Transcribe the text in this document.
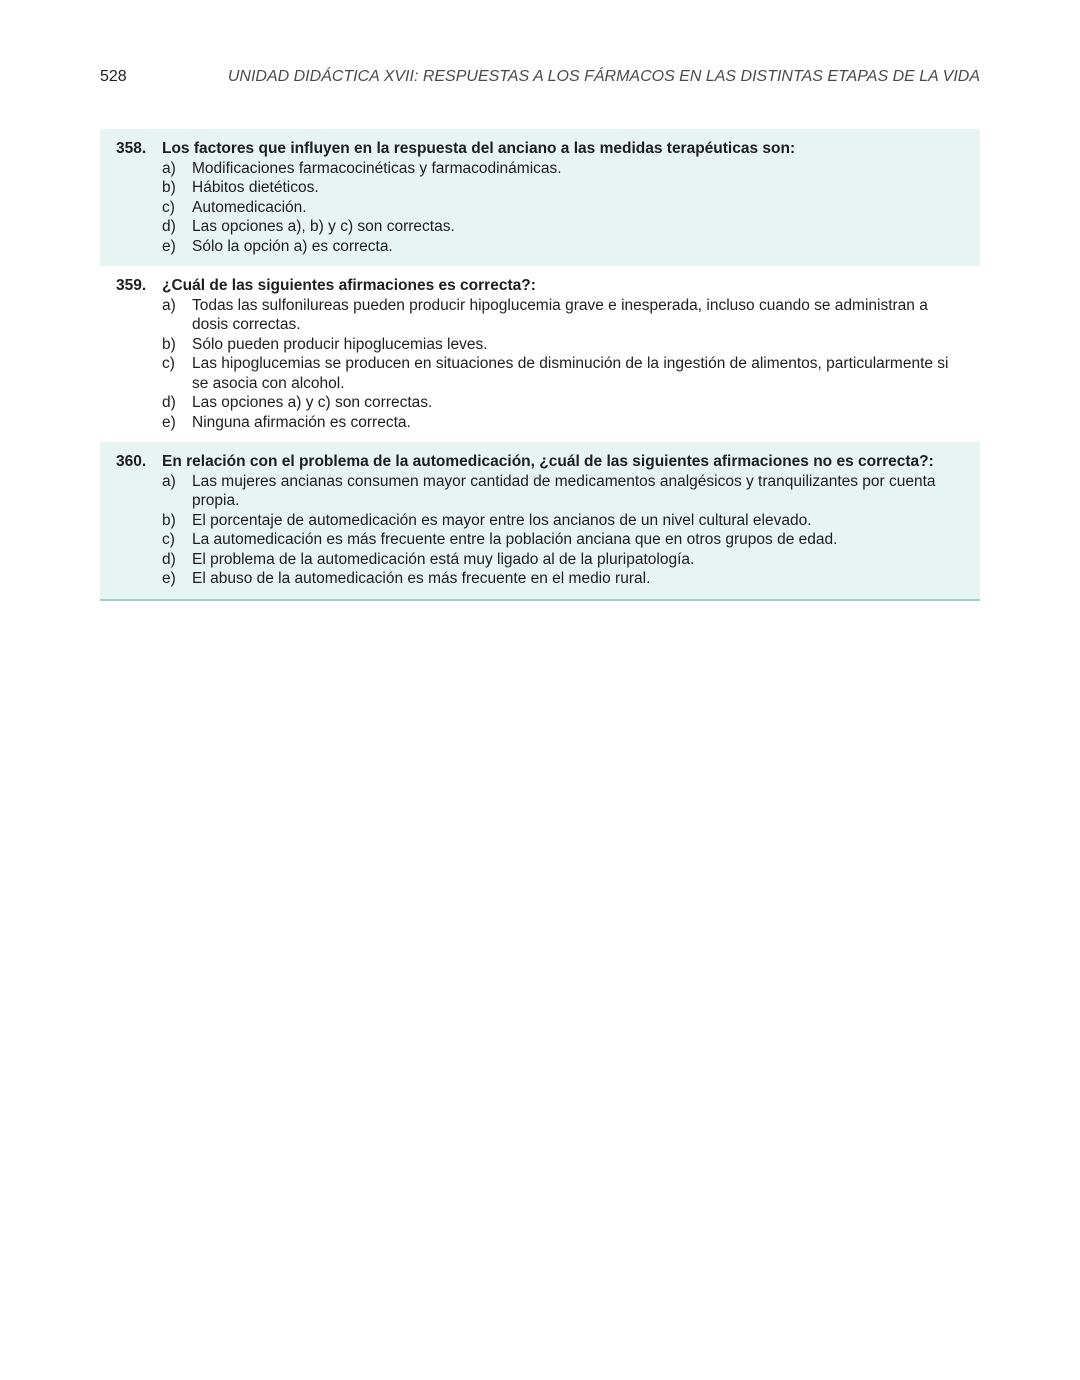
528	UNIDAD DIDÁCTICA XVII: RESPUESTAS A LOS FÁRMACOS EN LAS DISTINTAS ETAPAS DE LA VIDA
358.	Los factores que influyen en la respuesta del anciano a las medidas terapéuticas son:
a)	Modificaciones farmacocinéticas y farmacodinámicas.
b)	Hábitos dietéticos.
c)	Automedicación.
d)	Las opciones a), b) y c) son correctas.
e)	Sólo la opción a) es correcta.
359.	¿Cuál de las siguientes afirmaciones es correcta?:
a)	Todas las sulfonilureas pueden producir hipoglucemia grave e inesperada, incluso cuando se administran a dosis correctas.
b)	Sólo pueden producir hipoglucemias leves.
c)	Las hipoglucemias se producen en situaciones de disminución de la ingestión de alimentos, particularmente si se asocia con alcohol.
d)	Las opciones a) y c) son correctas.
e)	Ninguna afirmación es correcta.
360.	En relación con el problema de la automedicación, ¿cuál de las siguientes afirmaciones no es correcta?:
a)	Las mujeres ancianas consumen mayor cantidad de medicamentos analgésicos y tranquilizantes por cuenta propia.
b)	El porcentaje de automedicación es mayor entre los ancianos de un nivel cultural elevado.
c)	La automedicación es más frecuente entre la población anciana que en otros grupos de edad.
d)	El problema de la automedicación está muy ligado al de la pluripatología.
e)	El abuso de la automedicación es más frecuente en el medio rural.
